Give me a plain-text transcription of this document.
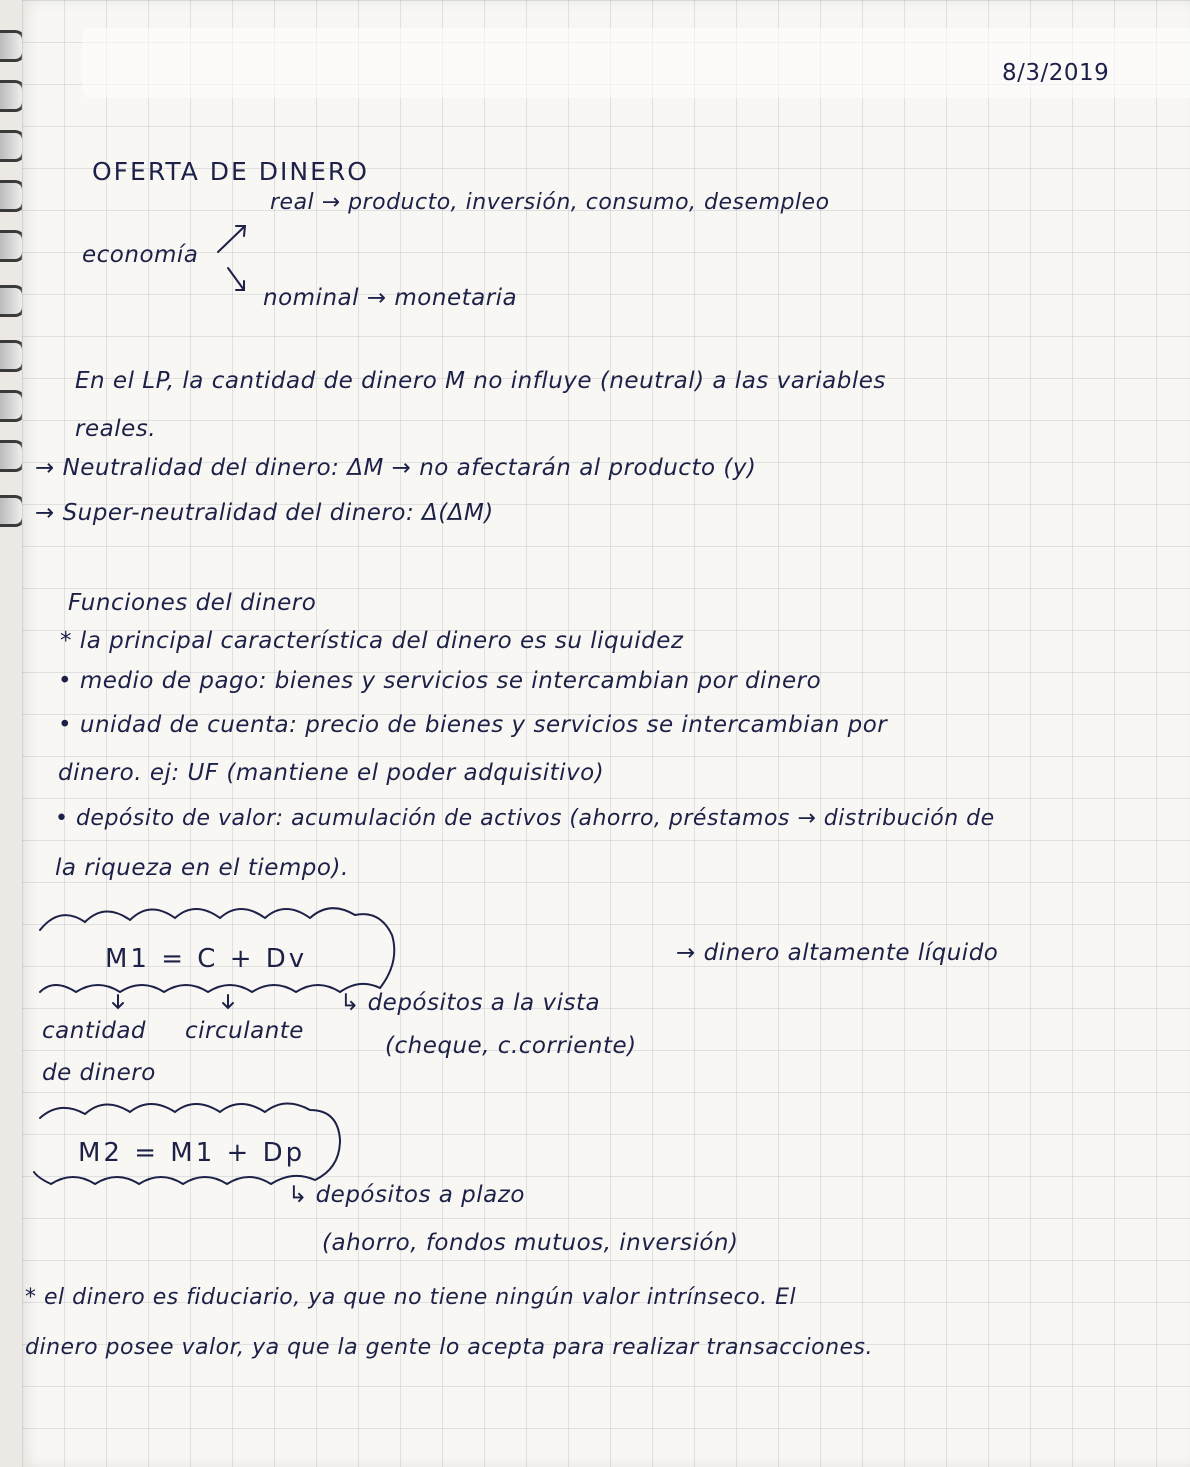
8/3/2019
OFERTA DE DINERO
economía
real → producto, inversión, consumo, desempleo
nominal → monetaria
En el LP, la cantidad de dinero M no influye (neutral) a las variables
reales.
→ Neutralidad del dinero: ΔM → no afectarán al producto (y)
→ Super-neutralidad del dinero: Δ(ΔM)
Funciones del dinero
* la principal característica del dinero es su liquidez
• medio de pago: bienes y servicios se intercambian por dinero
• unidad de cuenta: precio de bienes y servicios se intercambian por
dinero. ej: UF (mantiene el poder adquisitivo)
• depósito de valor: acumulación de activos (ahorro, préstamos → distribución de
la riqueza en el tiempo).
M1 = C + Dv	→ dinero altamente líquido
cantidad
de dinero
circulante
↳ depósitos a la vista
(cheque, c.corriente)
M2 = M1 + Dp
↳ depósitos a plazo
(ahorro, fondos mutuos, inversión)
* el dinero es fiduciario, ya que no tiene ningún valor intrínseco. El
dinero posee valor, ya que la gente lo acepta para realizar transacciones.
